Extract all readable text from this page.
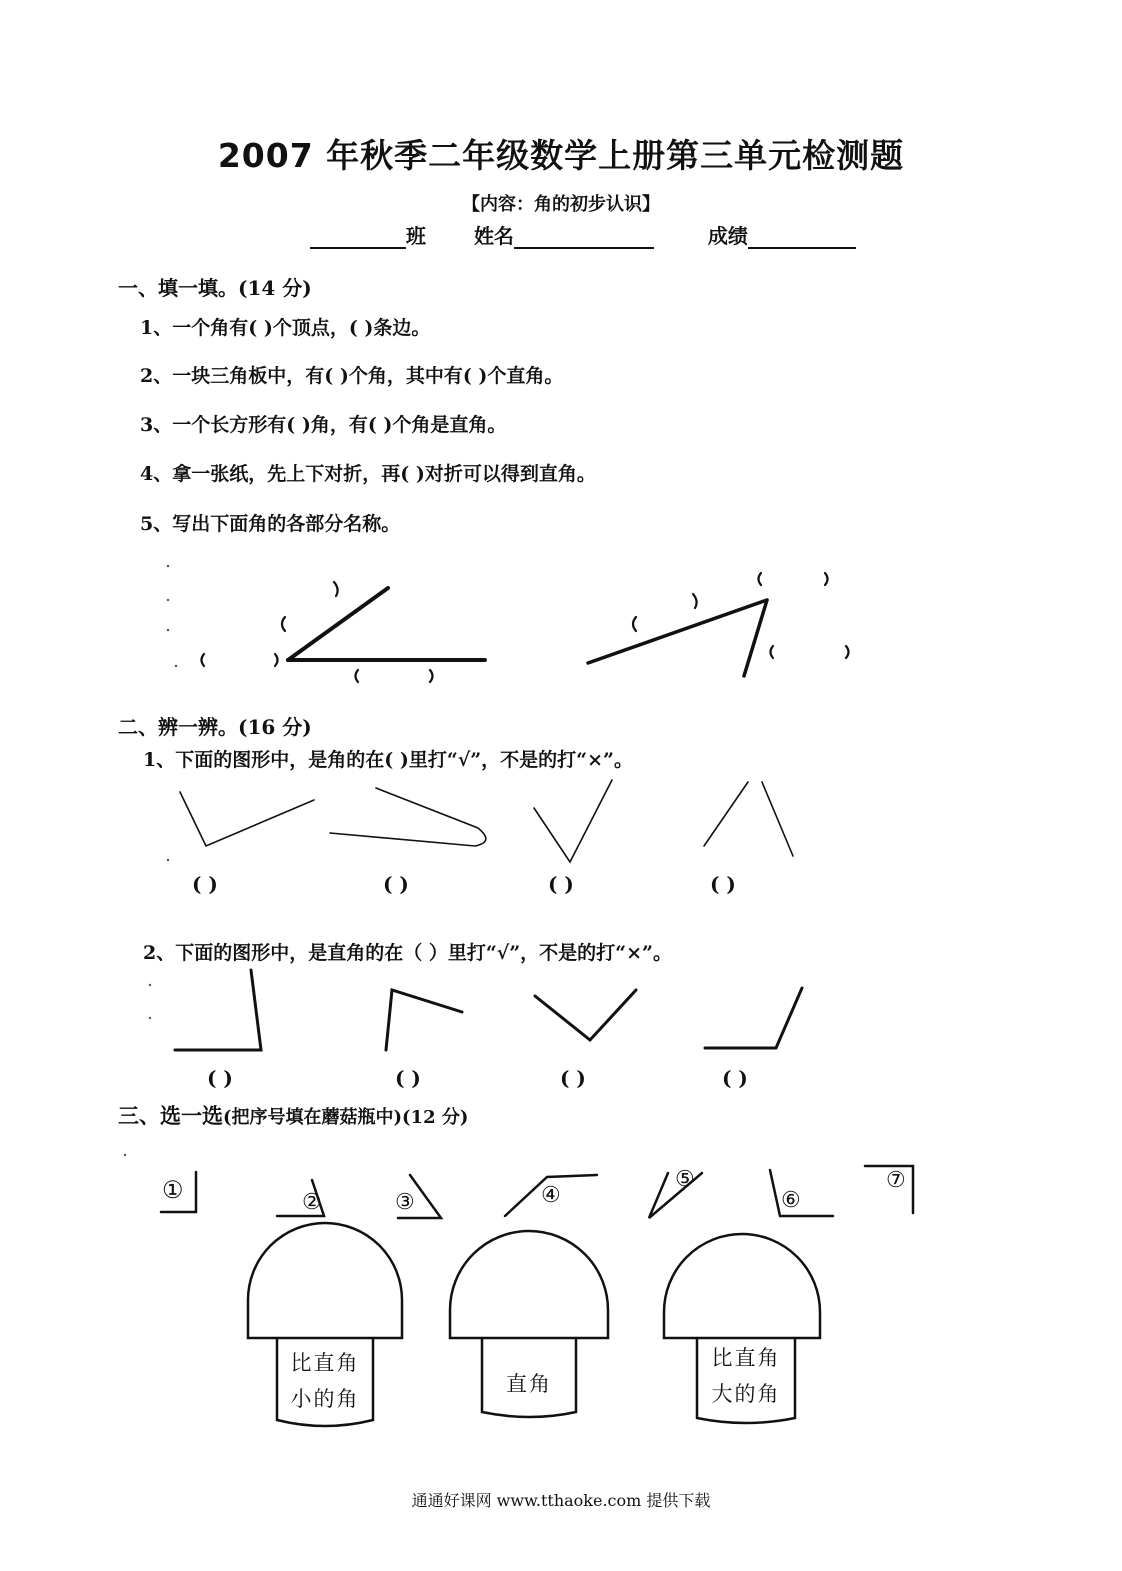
2007 年秋季二年级数学上册第三单元检测题
【内容：角的初步认识】
班 姓名	成绩
一、填一填。(14 分)
1、一个角有( )个顶点，( )条边。
2、一块三角板中，有( )个角，其中有( )个直角。
3、一个长方形有( )角，有( )个角是直角。
4、拿一张纸，先上下对折，再( )对折可以得到直角。
5、写出下面角的各部分名称。
二、辨一辨。(16 分)
1、下面的图形中，是角的在( )里打“√”，不是的打“×”。
2、下面的图形中，是直角的在（ ）里打“√”，不是的打“×”。
( )	( )	( )	( )
( )	( )	( )	( )
三、选一选(把序号填在蘑菇瓶中)(12 分)
①	②	③	④
⑤
⑥
⑦
比直角
小的角
直角
比直角
大的角
通通好课网 www.tthaoke.com 提供下载
